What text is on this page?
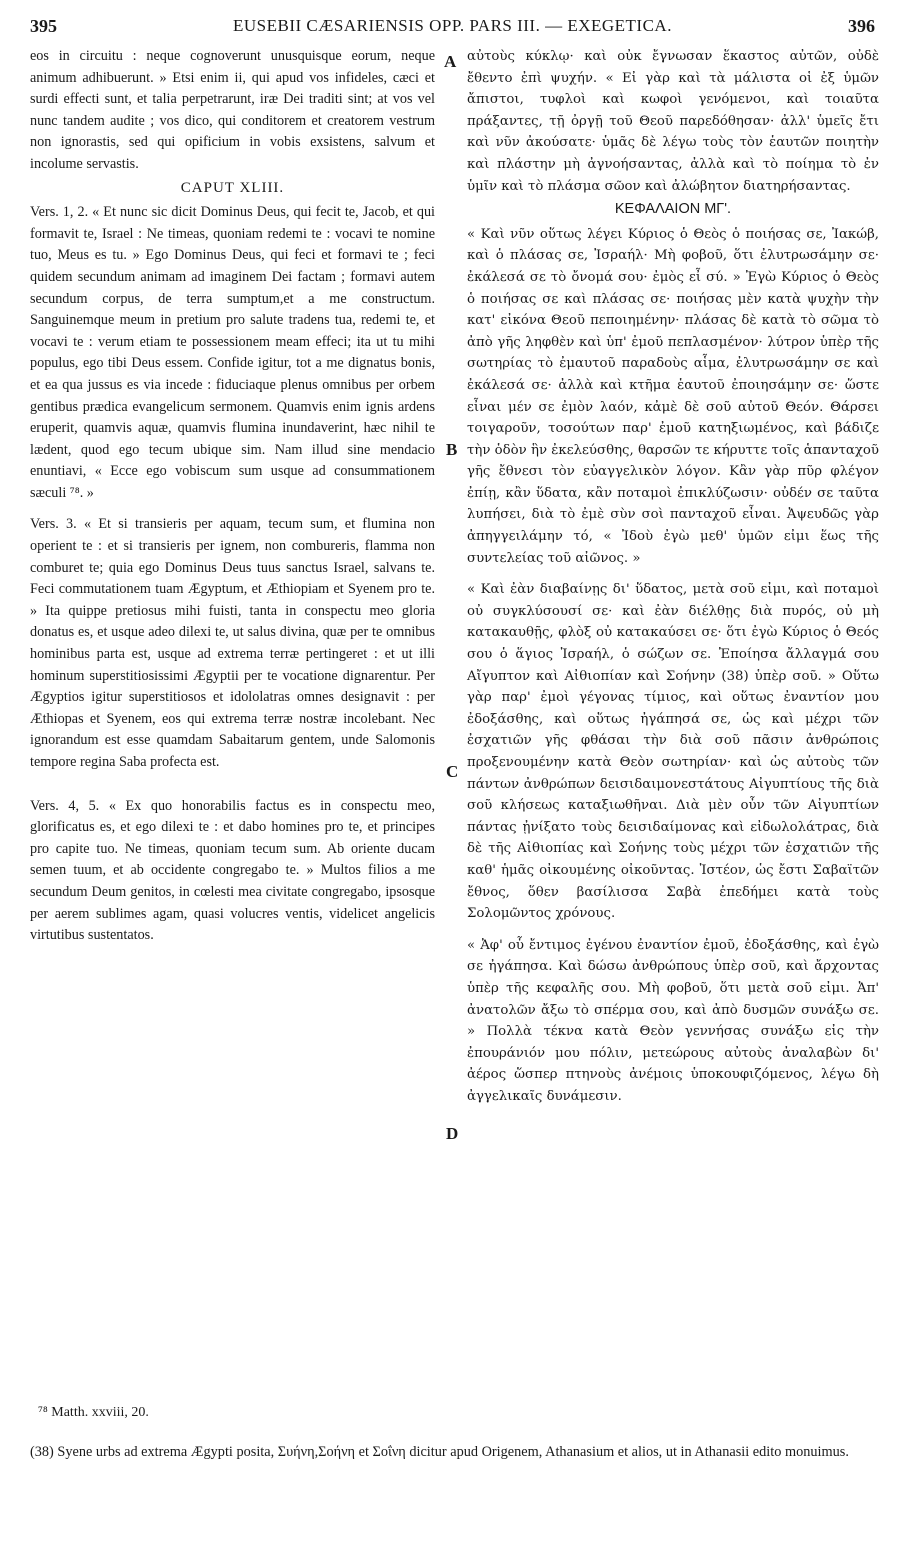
395	EUSEBII CÆSARIENSIS OPP. PARS III. — EXEGETICA.	396

eos in circuitu : neque cognoverunt unusquisque eorum, neque animum adhibuerunt. » Etsi enim ii, qui apud vos infideles, cæci et surdi effecti sunt, et talia perpetrarunt, iræ Dei traditi sint; at vos vel nunc tandem audite ; vos dico, qui conditorem et creatorem vestrum non ignorastis, sed qui opificium in vobis exsistens, salvum et incolume servastis.

CAPUT XLIII.

Vers. 1, 2. « Et nunc sic dicit Dominus Deus, qui fecit te, Jacob, et qui formavit te, Israel : Ne timeas, quoniam redemi te : vocavi te nomine tuo, Meus es tu. » Ego Dominus Deus, qui feci et formavi te ; feci quidem secundum animam ad imaginem Dei factam ; formavi autem secundum corpus, de terra sumptum,et a me constructum. Sanguinemque meum in pretium pro salute tradens tua, redemi te, et vocavi te : verum etiam te possessionem meam effeci; ita ut tu mihi populus, ego tibi Deus essem. Confide igitur, tot a me dignatus bonis, et ea qua jussus es via incede : fiduciaque plenus omnibus per orbem gentibus prædica evangelicum sermonem. Quamvis enim ignis ardens eruperit, quamvis aquæ, quamvis flumina inundaverint, hæc nihil te lædent, quod ego tecum ubique sim. Nam illud sine mendacio enuntiavi, « Ecce ego vobiscum sum usque ad consummationem sæculi ⁷⁸. »

Vers. 3. « Et si transieris per aquam, tecum sum, et flumina non operient te : et si transieris per ignem, non combureris, flamma non comburet te; quia ego Dominus Deus tuus sanctus Israel, salvans te. Feci commutationem tuam Ægyptum, et Æthiopiam et Syenem pro te. » Ita quippe pretiosus mihi fuisti, tanta in conspectu meo gloria donatus es, et usque adeo dilexi te, ut salus divina, quæ per te omnibus hominibus parta est, usque ad extrema terræ pertingeret : et ut illi hominum superstitiosissimi Ægyptii per te vocatione dignarentur. Per Ægyptios igitur superstitiosos et idololatras omnes designavit : per Æthiopas et Syenem, eos qui extrema terræ nostræ incolebant. Nec ignorandum est esse quamdam Sabaitarum gentem, unde Salomonis tempore regina Saba profecta est.

Vers. 4, 5. « Ex quo honorabilis factus es in conspectu meo, glorificatus es, et ego dilexi te : et dabo homines pro te, et principes pro capite tuo. Ne timeas, quoniam tecum sum. Ab oriente ducam semen tuum, et ab occidente congregabo te. » Multos filios a me secundum Deum genitos, in cœlesti mea civitate congregabo, ipsosque per aerem sublimes agam, quasi volucres ventis, videlicet angelicis virtutibus sustentatos.

αὐτοὺς κύκλῳ· καὶ οὐκ ἔγνωσαν ἕκαστος αὐτῶν, οὐδὲ ἔθεντο ἐπὶ ψυχήν. « Εἰ γὰρ καὶ τὰ μάλιστα οἱ ἐξ ὑμῶν ἄπιστοι, τυφλοὶ καὶ κωφοὶ γενόμενοι, καὶ τοιαῦτα πράξαντες, τῇ ὀργῇ τοῦ Θεοῦ παρεδόθησαν· ἀλλ' ὑμεῖς ἔτι καὶ νῦν ἀκούσατε· ὑμᾶς δὲ λέγω τοὺς τὸν ἑαυτῶν ποιητὴν καὶ πλάστην μὴ ἀγνοήσαντας, ἀλλὰ καὶ τὸ ποίημα τὸ ἐν ὑμῖν καὶ τὸ πλάσμα σῶον καὶ ἀλώβητον διατηρήσαντας.

ΚΕΦΑΛΑΙΟΝ ΜΓ'.

« Καὶ νῦν οὕτως λέγει Κύριος ὁ Θεὸς ὁ ποιήσας σε, Ἰακώβ, καὶ ὁ πλάσας σε, Ἰσραήλ· Μὴ φοβοῦ, ὅτι ἐλυτρωσάμην σε· ἐκάλεσά σε τὸ ὄνομά σου· ἐμὸς εἶ σύ. » Ἐγὼ Κύριος ὁ Θεὸς ὁ ποιήσας σε καὶ πλάσας σε· ποιήσας μὲν κατὰ ψυχὴν τὴν κατ' εἰκόνα Θεοῦ πεποιημένην· πλάσας δὲ κατὰ τὸ σῶμα τὸ ἀπὸ γῆς ληφθὲν καὶ ὑπ' ἐμοῦ πεπλασμένον· λύτρον ὑπὲρ τῆς σωτηρίας τὸ ἐμαυτοῦ παραδοὺς αἷμα, ἐλυτρωσάμην σε καὶ ἐκάλεσά σε· ἀλλὰ καὶ κτῆμα ἑαυτοῦ ἐποιησάμην σε· ὥστε εἶναι μέν σε ἐμὸν λαόν, κἀμὲ δὲ σοῦ αὐτοῦ Θεόν. Θάρσει τοιγαροῦν, τοσούτων παρ' ἐμοῦ κατηξιωμένος, καὶ βάδιζε τὴν ὁδὸν ἣν ἐκελεύσθης, θαρσῶν τε κήρυττε τοῖς ἁπανταχοῦ γῆς ἔθνεσι τὸν εὐαγγελικὸν λόγον. Κἂν γὰρ πῦρ φλέγον ἐπίῃ, κἂν ὕδατα, κἂν ποταμοὶ ἐπικλύζωσιν· οὐδέν σε ταῦτα λυπήσει, διὰ τὸ ἐμὲ σὺν σοὶ πανταχοῦ εἶναι. Ἀψευδῶς γὰρ ἀπηγγειλάμην τό, « Ἰδοὺ ἐγὼ μεθ' ὑμῶν εἰμι ἕως τῆς συντελείας τοῦ αἰῶνος. »

« Καὶ ἐὰν διαβαίνῃς δι' ὕδατος, μετὰ σοῦ εἰμι, καὶ ποταμοὶ οὐ συγκλύσουσί σε· καὶ ἐὰν διέλθῃς διὰ πυρός, οὐ μὴ κατακαυθῇς, φλὸξ οὐ κατακαύσει σε· ὅτι ἐγὼ Κύριος ὁ Θεός σου ὁ ἅγιος Ἰσραήλ, ὁ σώζων σε. Ἐποίησα ἄλλαγμά σου Αἴγυπτον καὶ Αἰθιοπίαν καὶ Σοήνην (38) ὑπὲρ σοῦ. » Οὕτω γὰρ παρ' ἐμοὶ γέγονας τίμιος, καὶ οὕτως ἐναντίον μου ἐδοξάσθης, καὶ οὕτως ἠγάπησά σε, ὡς καὶ μέχρι τῶν ἐσχατιῶν γῆς φθάσαι τὴν διὰ σοῦ πᾶσιν ἀνθρώποις προξενουμένην κατὰ Θεὸν σωτηρίαν· καὶ ὡς αὐτοὺς τῶν πάντων ἀνθρώπων δεισιδαιμονεστάτους Αἰγυπτίους τῆς διὰ σοῦ κλήσεως καταξιωθῆναι. Διὰ μὲν οὖν τῶν Αἰγυπτίων πάντας ᾐνίξατο τοὺς δεισιδαίμονας καὶ εἰδωλολάτρας, διὰ δὲ τῆς Αἰθιοπίας καὶ Σοήνης τοὺς μέχρι τῶν ἐσχατιῶν τῆς καθ' ἡμᾶς οἰκουμένης οἰκοῦντας. Ἰστέον, ὡς ἔστι Σαβαϊτῶν ἔθνος, ὅθεν βασίλισσα Σαβὰ ἐπεδήμει κατὰ τοὺς Σολομῶντος χρόνους.

« Ἀφ' οὗ ἔντιμος ἐγένου ἐναντίον ἐμοῦ, ἐδοξάσθης, καὶ ἐγὼ σε ἠγάπησα. Καὶ δώσω ἀνθρώπους ὑπὲρ σοῦ, καὶ ἄρχοντας ὑπὲρ τῆς κεφαλῆς σου. Μὴ φοβοῦ, ὅτι μετὰ σοῦ εἰμι. Ἀπ' ἀνατολῶν ἄξω τὸ σπέρμα σου, καὶ ἀπὸ δυσμῶν συνάξω σε. » Πολλὰ τέκνα κατὰ Θεὸν γεννήσας συνάξω εἰς τὴν ἐπουράνιόν μου πόλιν, μετεώρους αὐτοὺς ἀναλαβὼν δι' ἀέρος ὥσπερ πτηνοὺς ἀνέμοις ὑποκουφιζόμενος, λέγω δὴ ἀγγελικαῖς δυνάμεσιν.

A
B
C
D
⁷⁸ Matth. xxviii, 20.
(38) Syene urbs ad extrema Ægypti posita, Συήνη,Σοήνη et Σοΐνη dicitur apud Origenem, Athanasium et alios, ut in Athanasii edito monuimus.
